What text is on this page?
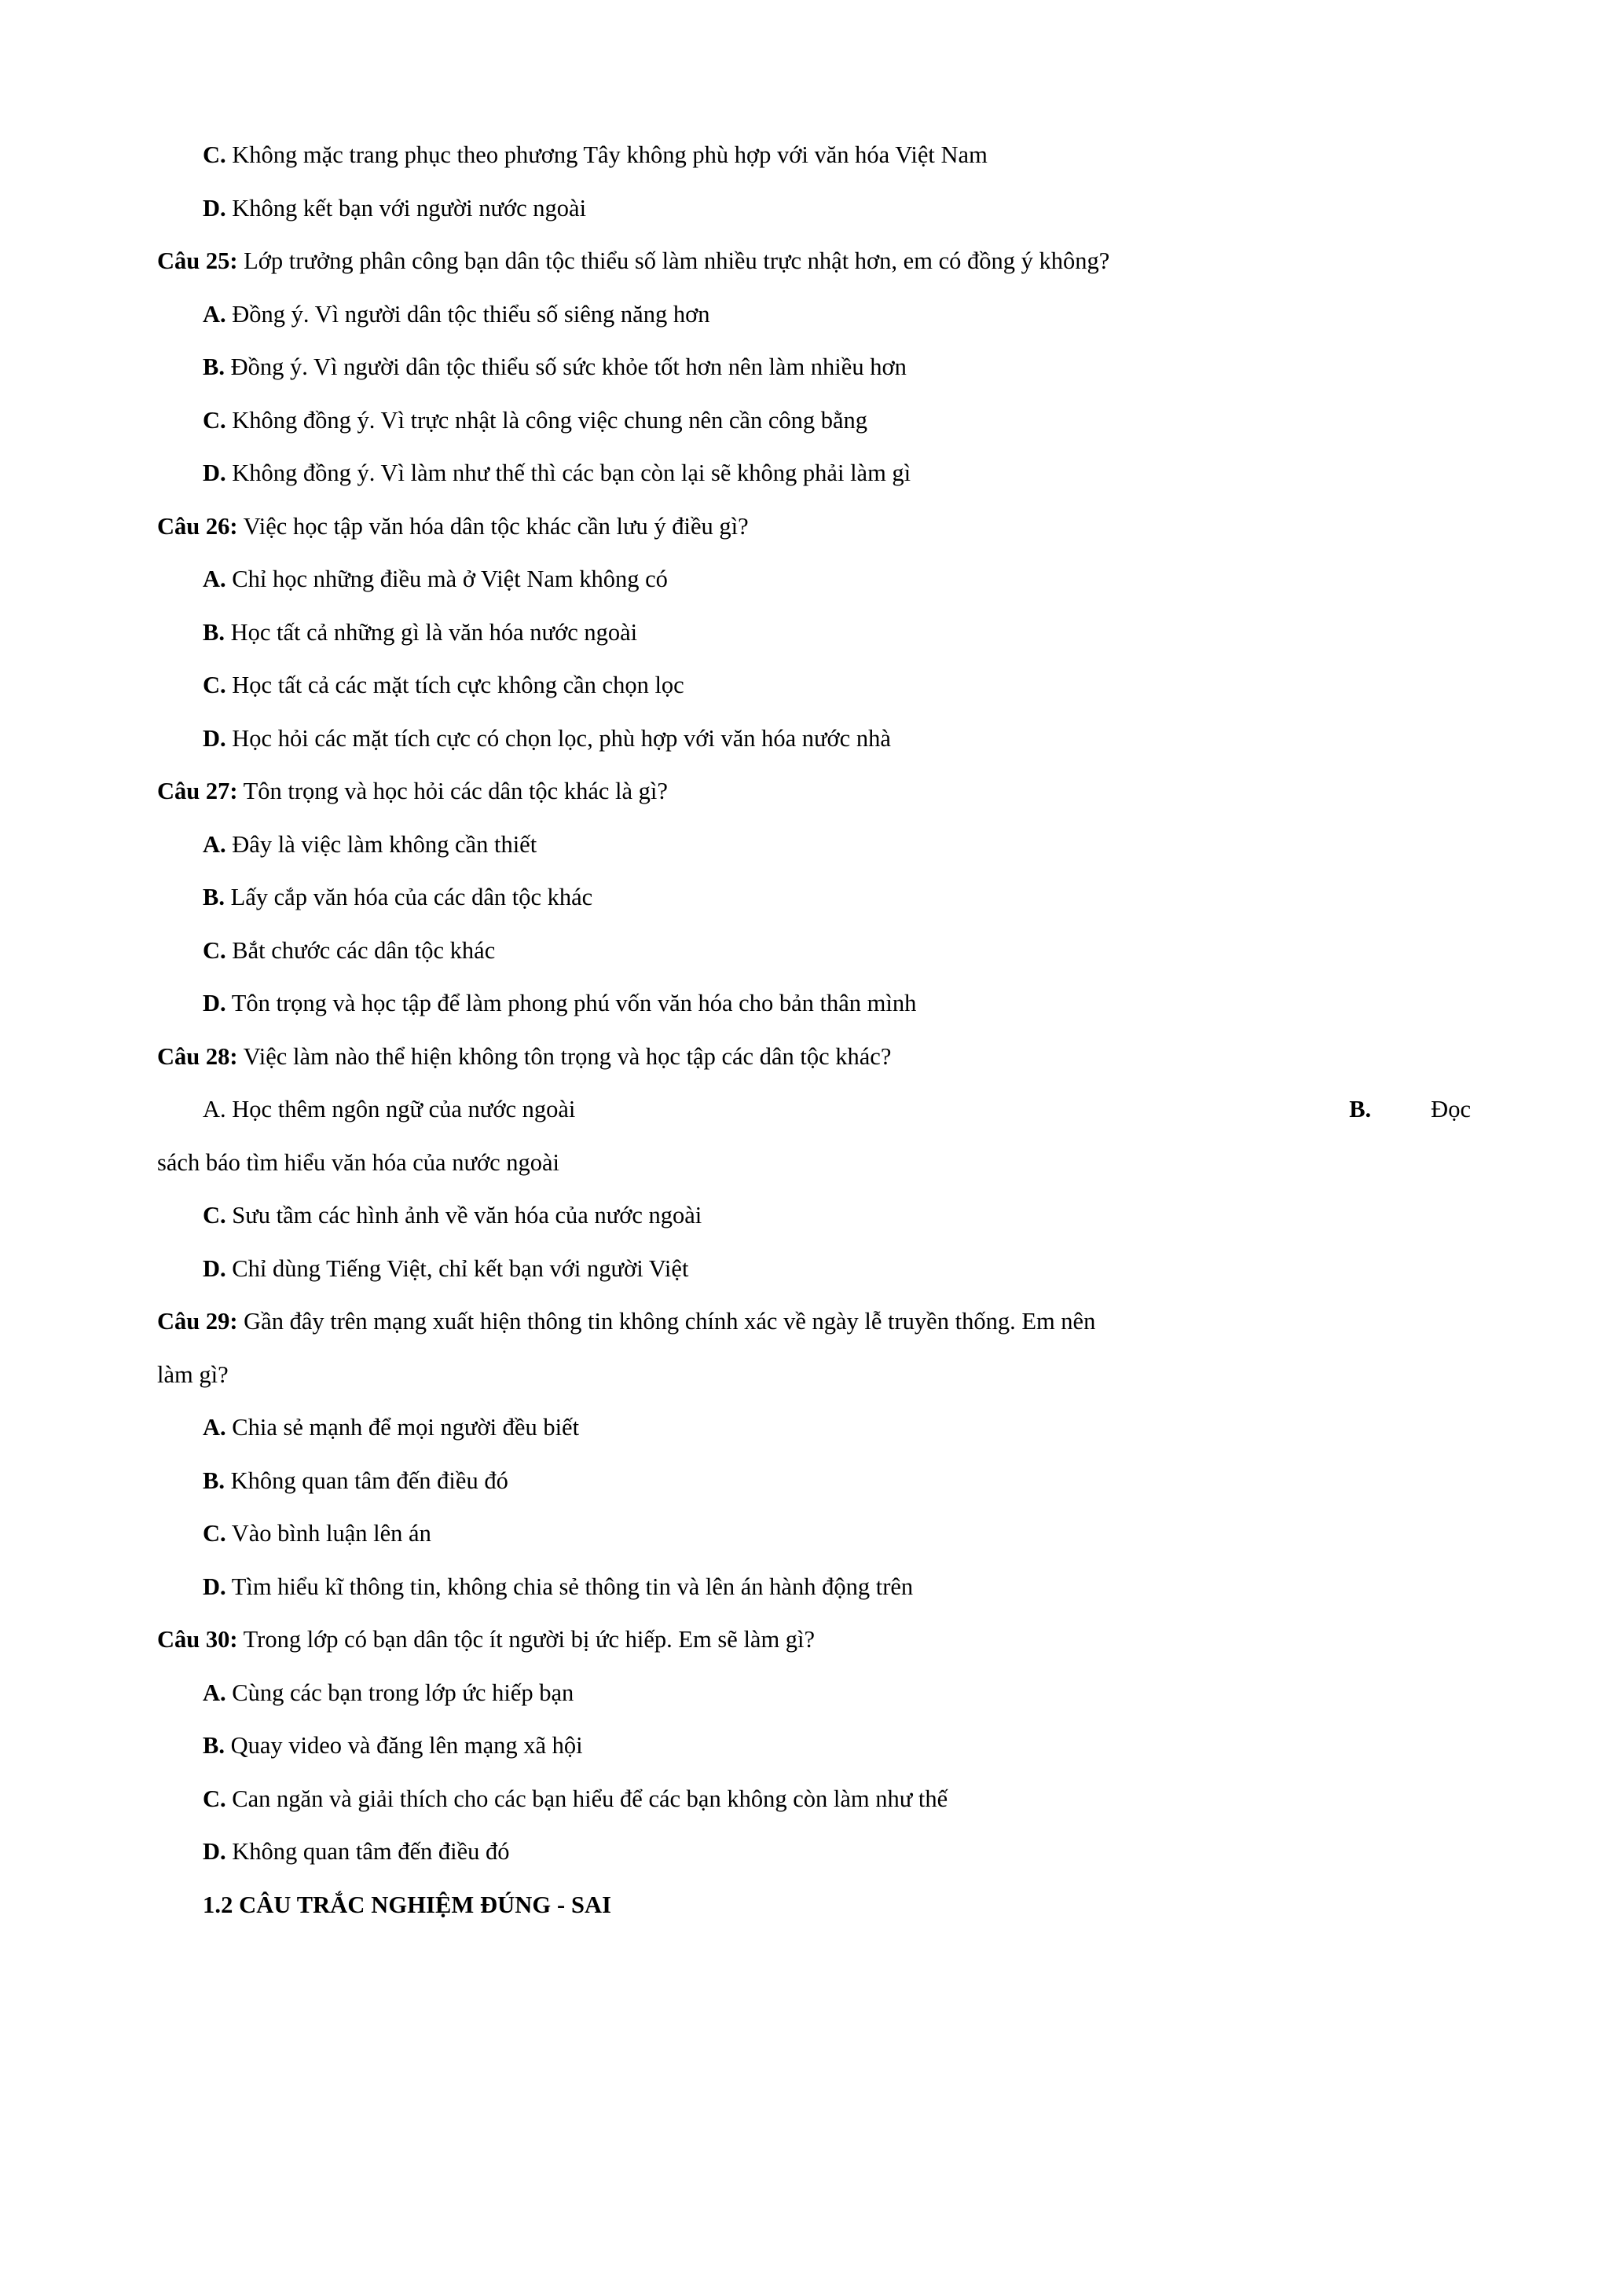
C. Không mặc trang phục theo phương Tây không phù hợp với văn hóa Việt Nam
D. Không kết bạn với người nước ngoài
Câu 25: Lớp trưởng phân công bạn dân tộc thiểu số làm nhiều trực nhật hơn, em có đồng ý không?
A. Đồng ý. Vì người dân tộc thiểu số siêng năng hơn
B. Đồng ý. Vì người dân tộc thiểu số sức khỏe tốt hơn nên làm nhiều hơn
C. Không đồng ý. Vì trực nhật là công việc chung nên cần công bằng
D. Không đồng ý. Vì làm như thế thì các bạn còn lại sẽ không phải làm gì
Câu 26: Việc học tập văn hóa dân tộc khác cần lưu ý điều gì?
A. Chỉ học những điều mà ở Việt Nam không có
B. Học tất cả những gì là văn hóa nước ngoài
C. Học tất cả các mặt tích cực không cần chọn lọc
D. Học hỏi các mặt tích cực có chọn lọc, phù hợp với văn hóa nước nhà
Câu 27: Tôn trọng và học hỏi các dân tộc khác là gì?
A. Đây là việc làm không cần thiết
B. Lấy cắp văn hóa của các dân tộc khác
C. Bắt chước các dân tộc khác
D. Tôn trọng và học tập để làm phong phú vốn văn hóa cho bản thân mình
Câu 28: Việc làm nào thể hiện không tôn trọng và học tập các dân tộc khác?
A. Học thêm ngôn ngữ của nước ngoài	B. Đọc
sách báo tìm hiểu văn hóa của nước ngoài
C. Sưu tầm các hình ảnh về văn hóa của nước ngoài
D. Chỉ dùng Tiếng Việt, chỉ kết bạn với người Việt
Câu 29: Gần đây trên mạng xuất hiện thông tin không chính xác về ngày lễ truyền thống. Em nên
làm gì?
A. Chia sẻ mạnh để mọi người đều biết
B. Không quan tâm đến điều đó
C. Vào bình luận lên án
D. Tìm hiểu kĩ thông tin, không chia sẻ thông tin và lên án hành động trên
Câu 30: Trong lớp có bạn dân tộc ít người bị ức hiếp. Em sẽ làm gì?
A. Cùng các bạn trong lớp ức hiếp bạn
B. Quay video và đăng lên mạng xã hội
C. Can ngăn và giải thích cho các bạn hiểu để các bạn không còn làm như thế
D. Không quan tâm đến điều đó
1.2 CÂU TRẮC NGHIỆM ĐÚNG - SAI
